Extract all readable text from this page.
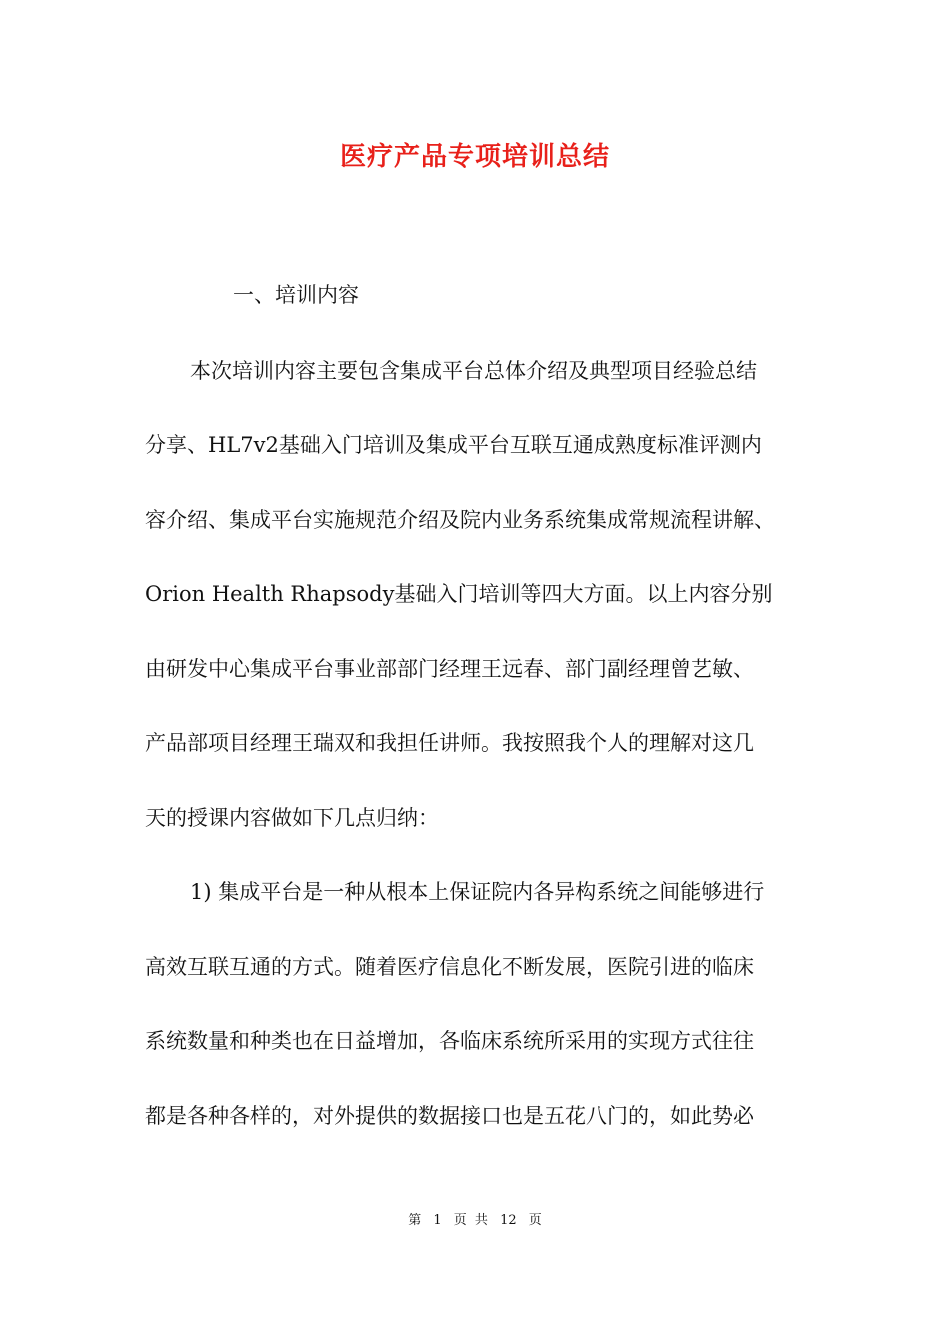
医疗产品专项培训总结
一、培训内容
本次培训内容主要包含集成平台总体介绍及典型项目经验总结
分享、HL7v2基础入门培训及集成平台互联互通成熟度标准评测内
容介绍、集成平台实施规范介绍及院内业务系统集成常规流程讲解、
Orion Health Rhapsody基础入门培训等四大方面。以上内容分别
由研发中心集成平台事业部部门经理王远春、部门副经理曾艺敏、
产品部项目经理王瑞双和我担任讲师。我按照我个人的理解对这几
天的授课内容做如下几点归纳：
1) 集成平台是一种从根本上保证院内各异构系统之间能够进行
高效互联互通的方式。随着医疗信息化不断发展，医院引进的临床
系统数量和种类也在日益增加，各临床系统所采用的实现方式往往
都是各种各样的，对外提供的数据接口也是五花八门的，如此势必
第 1 页 共 12 页
